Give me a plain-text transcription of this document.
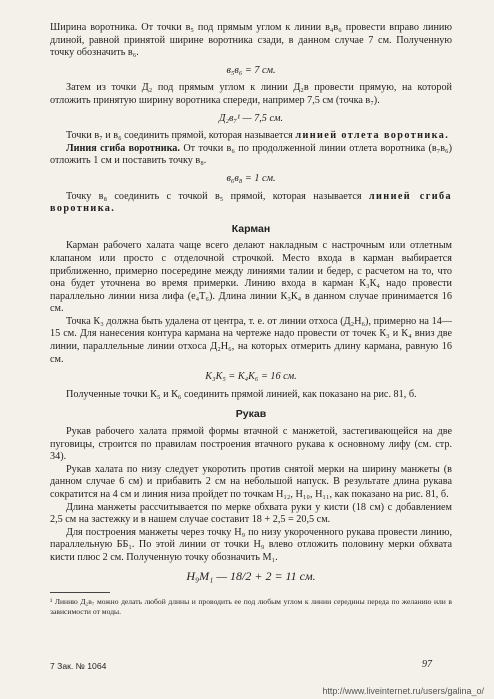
Ширина воротника. От точки в₅ под прямым углом к линии в₄в₆ провести вправо линию длиной, равной принятой ширине воротника сзади, в данном случае 7 см. Полученную точку обозначить в₆.

в₅в₆ = 7 см.

Затем из точки Д₂ под прямым углом к линии Д₂в провести прямую, на которой отложить принятую ширину воротника спереди, например 7,5 см (точка в₇).

Д₂в₇¹ — 7,5 см.

Точки в₇ и в₆ соединить прямой, которая называется линией отлета воротника.

Линия сгиба воротника. От точки в₆ по продолженной линии отлета воротника (в₇в₆) отложить 1 см и поставить точку в₈.

в₆в₈ = 1 см.

Точку в₈ соединить с точкой в₅ прямой, которая называется линией сгиба воротника.

Карман

Карман рабочего халата чаще всего делают накладным с настрочным или отлетным клапаном или просто с отделочной строчкой. Место входа в карман выбирается приближенно, примерно посередине между линиями талии и бедер, с расчетом на то, что она будет уточнена во время примерки. Линию входа в карман К₃К₄ надо провести параллельно линии низа лифа (e₄T₆). Длина линии К₃К₄ в данном случае принимается 16 см.

Точка К₃ должна быть удалена от центра, т. е. от линии отхоса (Д₂Н₆), примерно на 14—15 см. Для нанесения контура кармана на чертеже надо провести от точек К₃ и К₄ вниз две линии, параллельные линии отхоса Д₂Н₆, на которых отмерить длину кармана, равную 16 см.

К₃К₅ = К₄К₆ = 16 см.

Полученные точки К₅ и К₆ соединить прямой линией, как показано на рис. 81, б.

Рукав

Рукав рабочего халата прямой формы втачной с манжетой, застегивающейся на две пуговицы, строится по правилам построения втачного рукава к основному лифу (см. стр. 34).

Рукав халата по низу следует укоротить против снятой мерки на ширину манжеты (в данном случае 6 см) и прибавить 2 см на небольшой напуск. В результате длина рукава сократится на 4 см и линия низа пройдет по точкам Н₁₂, Н₁₀, Н₁₁, как показано на рис. 81, б.

Длина манжеты рассчитывается по мерке обхвата руки у кисти (18 см) с добавлением 2,5 см на застежку и в нашем случае составит 18 + 2,5 = 20,5 см.

Для построения манжеты через точку Н₉ по низу укороченного рукава провести линию, параллельную ББ₁. По этой линии от точки Н₉ влево отложить половину мерки обхвата кисти плюс 2 см. Полученную точку обозначить М₁.

Н₉М₁ — 18/2 + 2 = 11 см.

¹ Линию Д₂в₇ можно делать любой длины и проводить ее под любым углом к линии середины переда по желанию или в зависимости от моды.

7 Зак. № 1064	97
http://www.liveinternet.ru/users/galina_o/
